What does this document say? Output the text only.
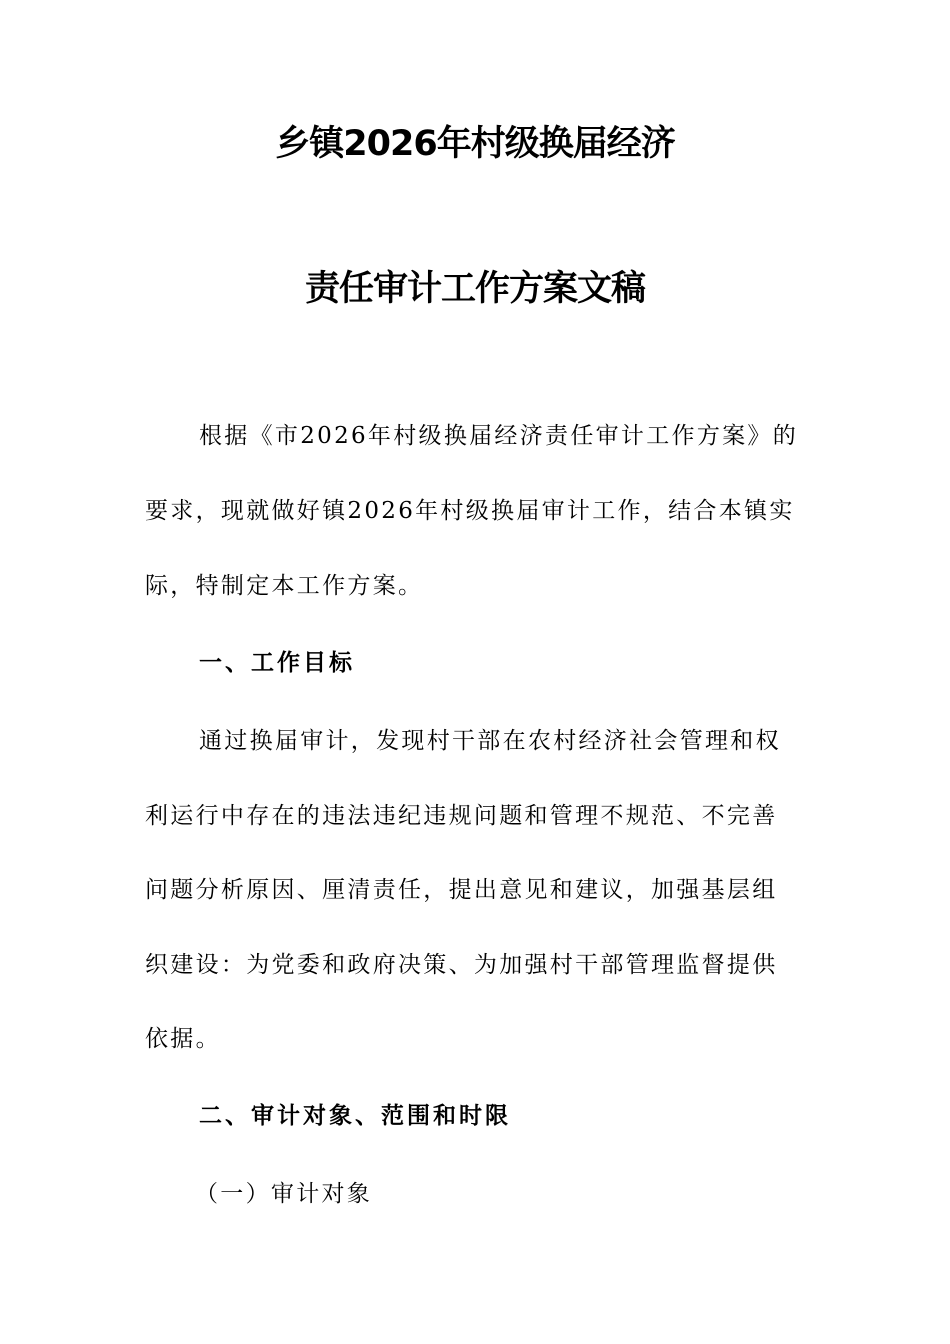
乡镇2026年村级换届经济
责任审计工作方案文稿
根据《市2026年村级换届经济责任审计工作方案》的
要求，现就做好镇2026年村级换届审计工作，结合本镇实
际，特制定本工作方案。
一、工作目标
通过换届审计，发现村干部在农村经济社会管理和权
利运行中存在的违法违纪违规问题和管理不规范、不完善
问题分析原因、厘清责任，提出意见和建议，加强基层组
织建设：为党委和政府决策、为加强村干部管理监督提供
依据。
二、审计对象、范围和时限
（一）审计对象
